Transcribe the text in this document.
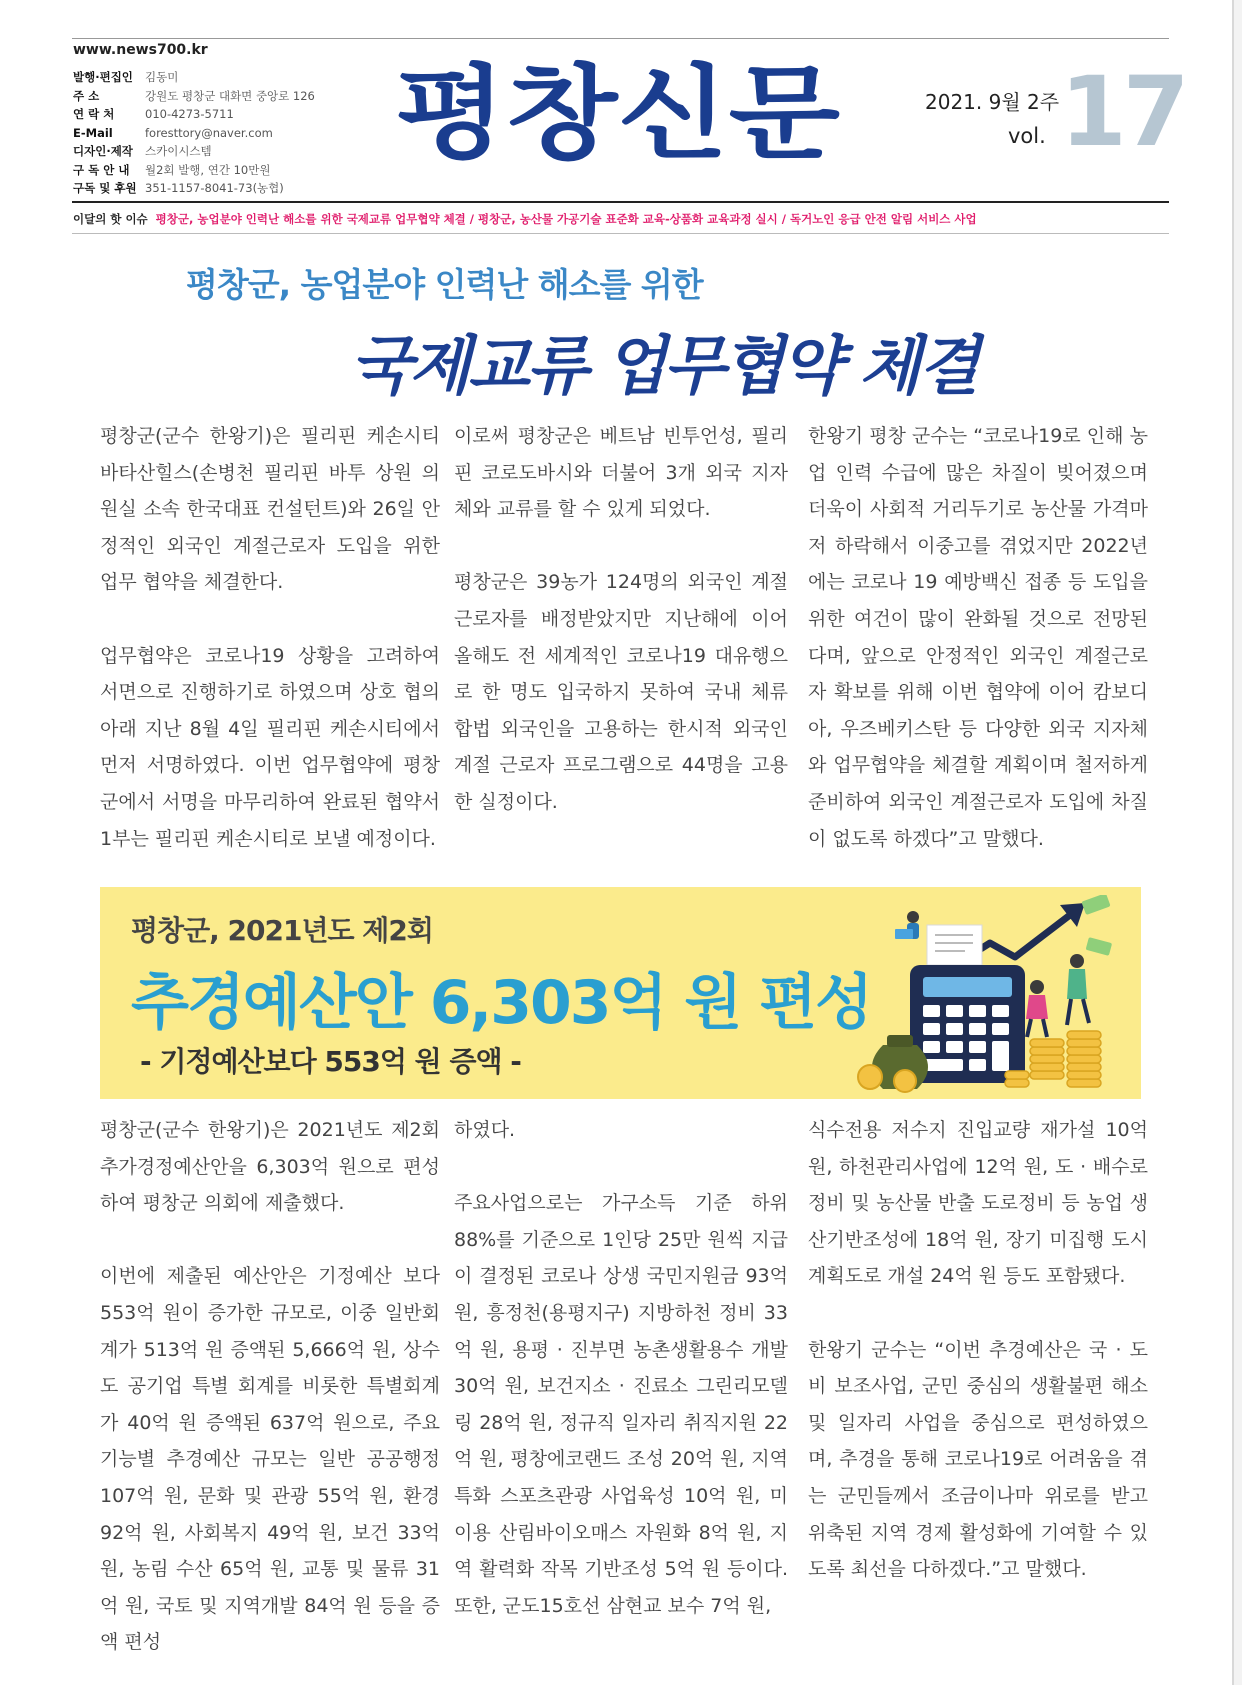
www.news700.kr
발행·편집인	김동미
주 소	강원도 평창군 대화면 중앙로 126
연 락 처	010-4273-5711
E-Mail	foresttory@naver.com
디자인·제작	스카이시스템
구 독 안 내	월2회 발행, 연간 10만원
구독 및 후원 351-1157-8041-73(농협)
평창신문	2021. 9월 2주
vol. 17
이달의 핫 이슈 평창군, 농업분야 인력난 해소를 위한 국제교류 업무협약 체결 / 평창군, 농산물 가공기술 표준화 교육-상품화 교육과정 실시 / 독거노인 응급 안전 알림 서비스 사업
평창군, 농업분야 인력난 해소를 위한
국제교류 업무협약 체결

평창군(군수 한왕기)은 필리핀 케손시티 바타산힐스(손병천 필리핀 바투 상원 의원실 소속 한국대표 컨설턴트)와 26일 안정적인 외국인 계절근로자 도입을 위한 업무 협약을 체결한다.

업무협약은 코로나19 상황을 고려하여 서면으로 진행하기로 하였으며 상호 협의 아래 지난 8월 4일 필리핀 케손시티에서 먼저 서명하였다. 이번 업무협약에 평창군에서 서명을 마무리하여 완료된 협약서 1부는 필리핀 케손시티로 보낼 예정이다.

이로써 평창군은 베트남 빈투언성, 필리핀 코로도바시와 더불어 3개 외국 지자체와 교류를 할 수 있게 되었다.

평창군은 39농가 124명의 외국인 계절근로자를 배정받았지만 지난해에 이어 올해도 전 세계적인 코로나19 대유행으로 한 명도 입국하지 못하여 국내 체류 합법 외국인을 고용하는 한시적 외국인 계절 근로자 프로그램으로 44명을 고용한 실정이다.

한왕기 평창 군수는 “코로나19로 인해 농업 인력 수급에 많은 차질이 빚어졌으며 더욱이 사회적 거리두기로 농산물 가격마저 하락해서 이중고를 겪었지만 2022년에는 코로나 19 예방백신 접종 등 도입을 위한 여건이 많이 완화될 것으로 전망된다며, 앞으로 안정적인 외국인 계절근로자 확보를 위해 이번 협약에 이어 캄보디아, 우즈베키스탄 등 다양한 외국 지자체와 업무협약을 체결할 계획이며 철저하게 준비하여 외국인 계절근로자 도입에 차질이 없도록 하겠다”고 말했다.

평창군, 2021년도 제2회
추경예산안 6,303억 원 편성
- 기정예산보다 553억 원 증액 -

평창군(군수 한왕기)은 2021년도 제2회 추가경정예산안을 6,303억 원으로 편성하여 평창군 의회에 제출했다.

이번에 제출된 예산안은 기정예산 보다 553억 원이 증가한 규모로, 이중 일반회계가 513억 원 증액된 5,666억 원, 상수도 공기업 특별 회계를 비롯한 특별회계가 40억 원 증액된 637억 원으로, 주요 기능별 추경예산 규모는 일반 공공행정 107억 원, 문화 및 관광 55억 원, 환경 92억 원, 사회복지 49억 원, 보건 33억 원, 농림 수산 65억 원, 교통 및 물류 31억 원, 국토 및 지역개발 84억 원 등을 증액 편성

하였다.

주요사업으로는 가구소득 기준 하위 88%를 기준으로 1인당 25만 원씩 지급이 결정된 코로나 상생 국민지원금 93억 원, 흥정천(용평지구) 지방하천 정비 33억 원, 용평 · 진부면 농촌생활용수 개발 30억 원, 보건지소 · 진료소 그린리모델링 28억 원, 정규직 일자리 취직지원 22억 원, 평창에코랜드 조성 20억 원, 지역특화 스포츠관광 사업육성 10억 원, 미이용 산림바이오매스 자원화 8억 원, 지역 활력화 작목 기반조성 5억 원 등이다. 또한, 군도15호선 삼현교 보수 7억 원,

식수전용 저수지 진입교량 재가설 10억 원, 하천관리사업에 12억 원, 도 · 배수로 정비 및 농산물 반출 도로정비 등 농업 생산기반조성에 18억 원, 장기 미집행 도시계획도로 개설 24억 원 등도 포함됐다.

한왕기 군수는 “이번 추경예산은 국 · 도비 보조사업, 군민 중심의 생활불편 해소 및 일자리 사업을 중심으로 편성하였으며, 추경을 통해 코로나19로 어려움을 겪는 군민들께서 조금이나마 위로를 받고 위축된 지역 경제 활성화에 기여할 수 있도록 최선을 다하겠다.”고 말했다.
